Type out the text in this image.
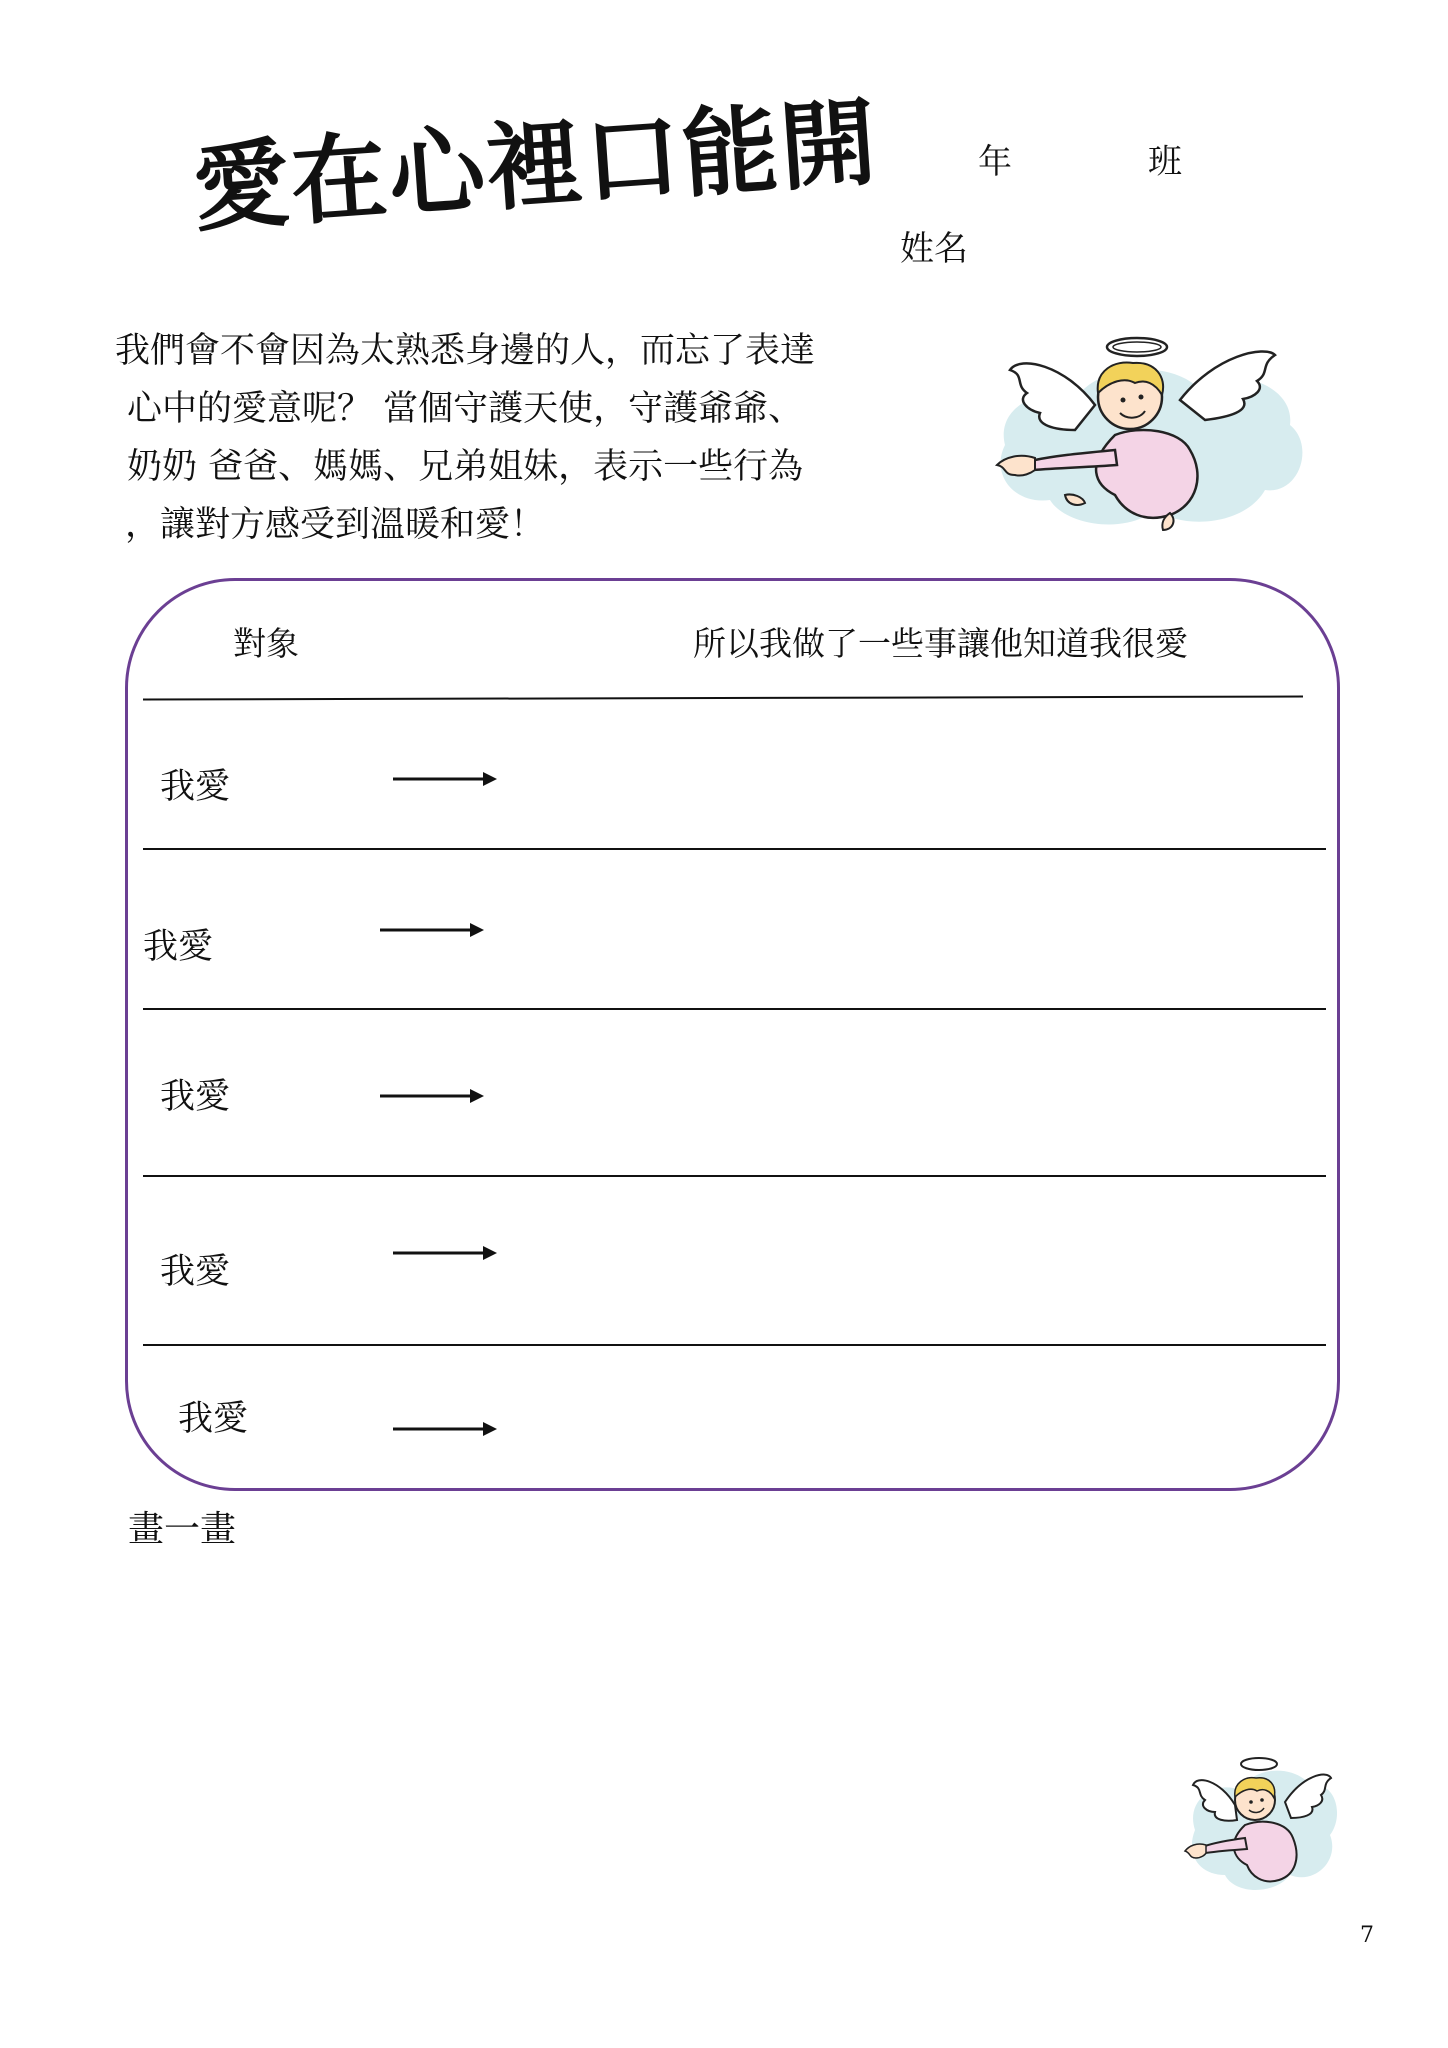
愛在心裡口能開	年	班
姓名
我們會不會因為太熟悉身邊的人，而忘了表達
心中的愛意呢？ 當個守護天使，守護爺爺、
奶奶 爸爸、媽媽、兄弟姐妹，表示一些行為
，讓對方感受到溫暖和愛！
對象	所以我做了一些事讓他知道我很愛
我愛
我愛
我愛
我愛
我愛
畫一畫
7
